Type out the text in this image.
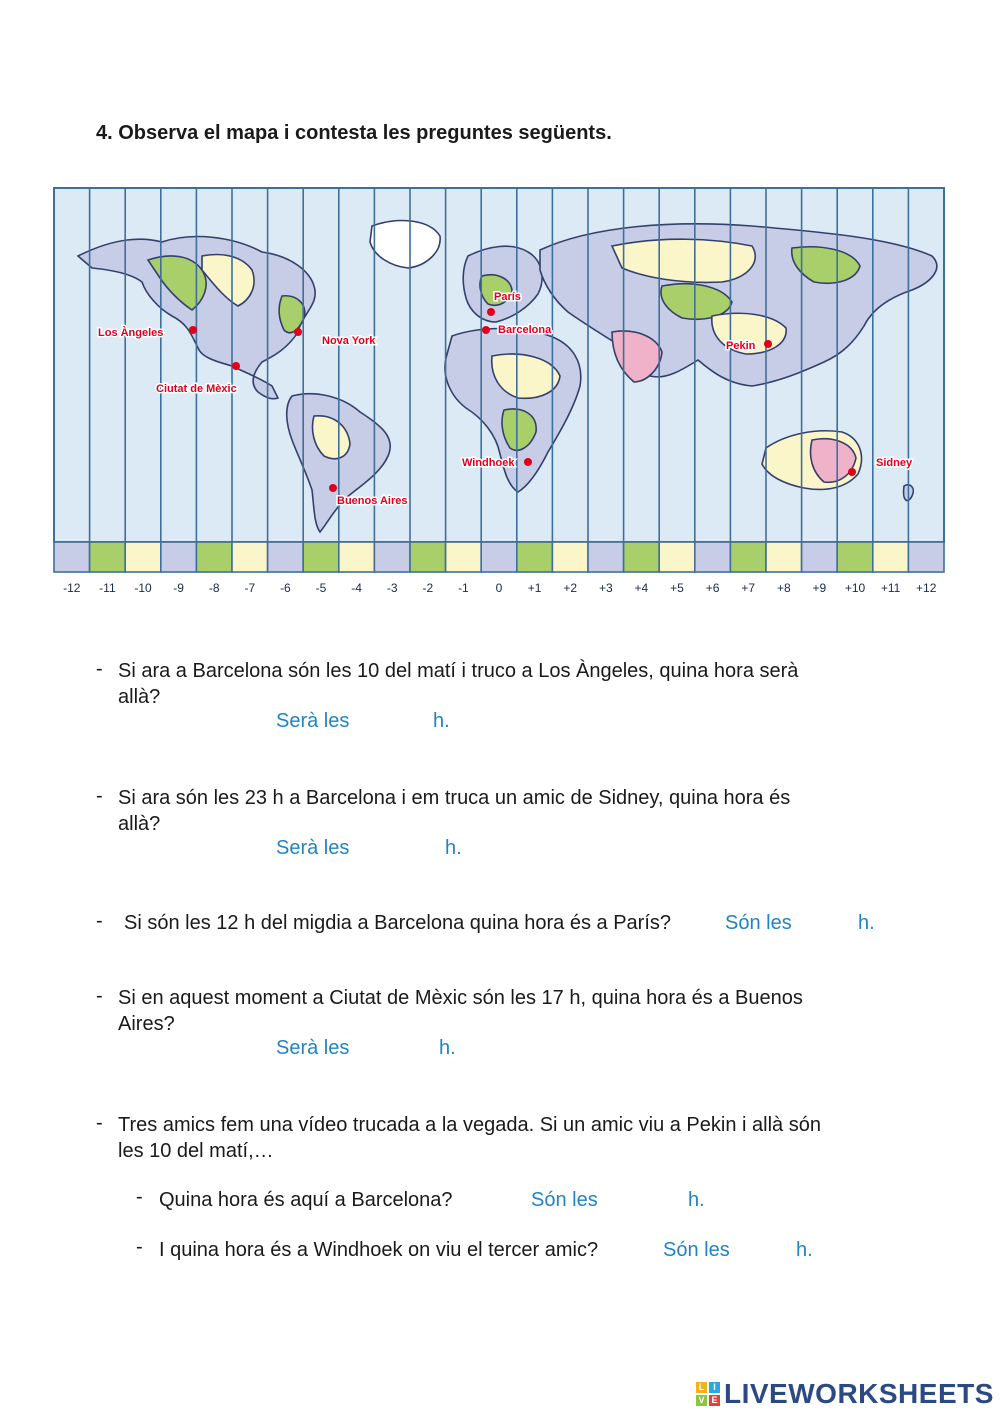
4. Observa el mapa i contesta les preguntes següents.
-12 -11 -10 -9 -8 -7 -6 -5 -4 -3 -2 -1 0 +1 +2 +3 +4 +5 +6 +7 +8 +9 +10 +11 +12
Los Àngeles
Nova York
Ciutat de Mèxic
Buenos Aires
París
Barcelona
Windhoek
Pekin
Sidney
- Si ara a Barcelona són les 10 del matí i truco a Los Àngeles, quina hora serà
allà?
Serà les	h.
- Si ara són les 23 h a Barcelona i em truca un amic de Sidney, quina hora és
allà?
Serà les	h.
- Si són les 12 h del migdia a Barcelona quina hora és a París?	Són les	h.
- Si en aquest moment a Ciutat de Mèxic són les 17 h, quina hora és a Buenos
Aires?
Serà les	h.
- Tres amics fem una vídeo trucada a la vegada. Si un amic viu a Pekin i allà són
les 10 del matí,…
- Quina hora és aquí a Barcelona?	Són les	h.
- I quina hora és a Windhoek on viu el tercer amic?	Són les	h.
L I
V E LIVEWORKSHEETS
